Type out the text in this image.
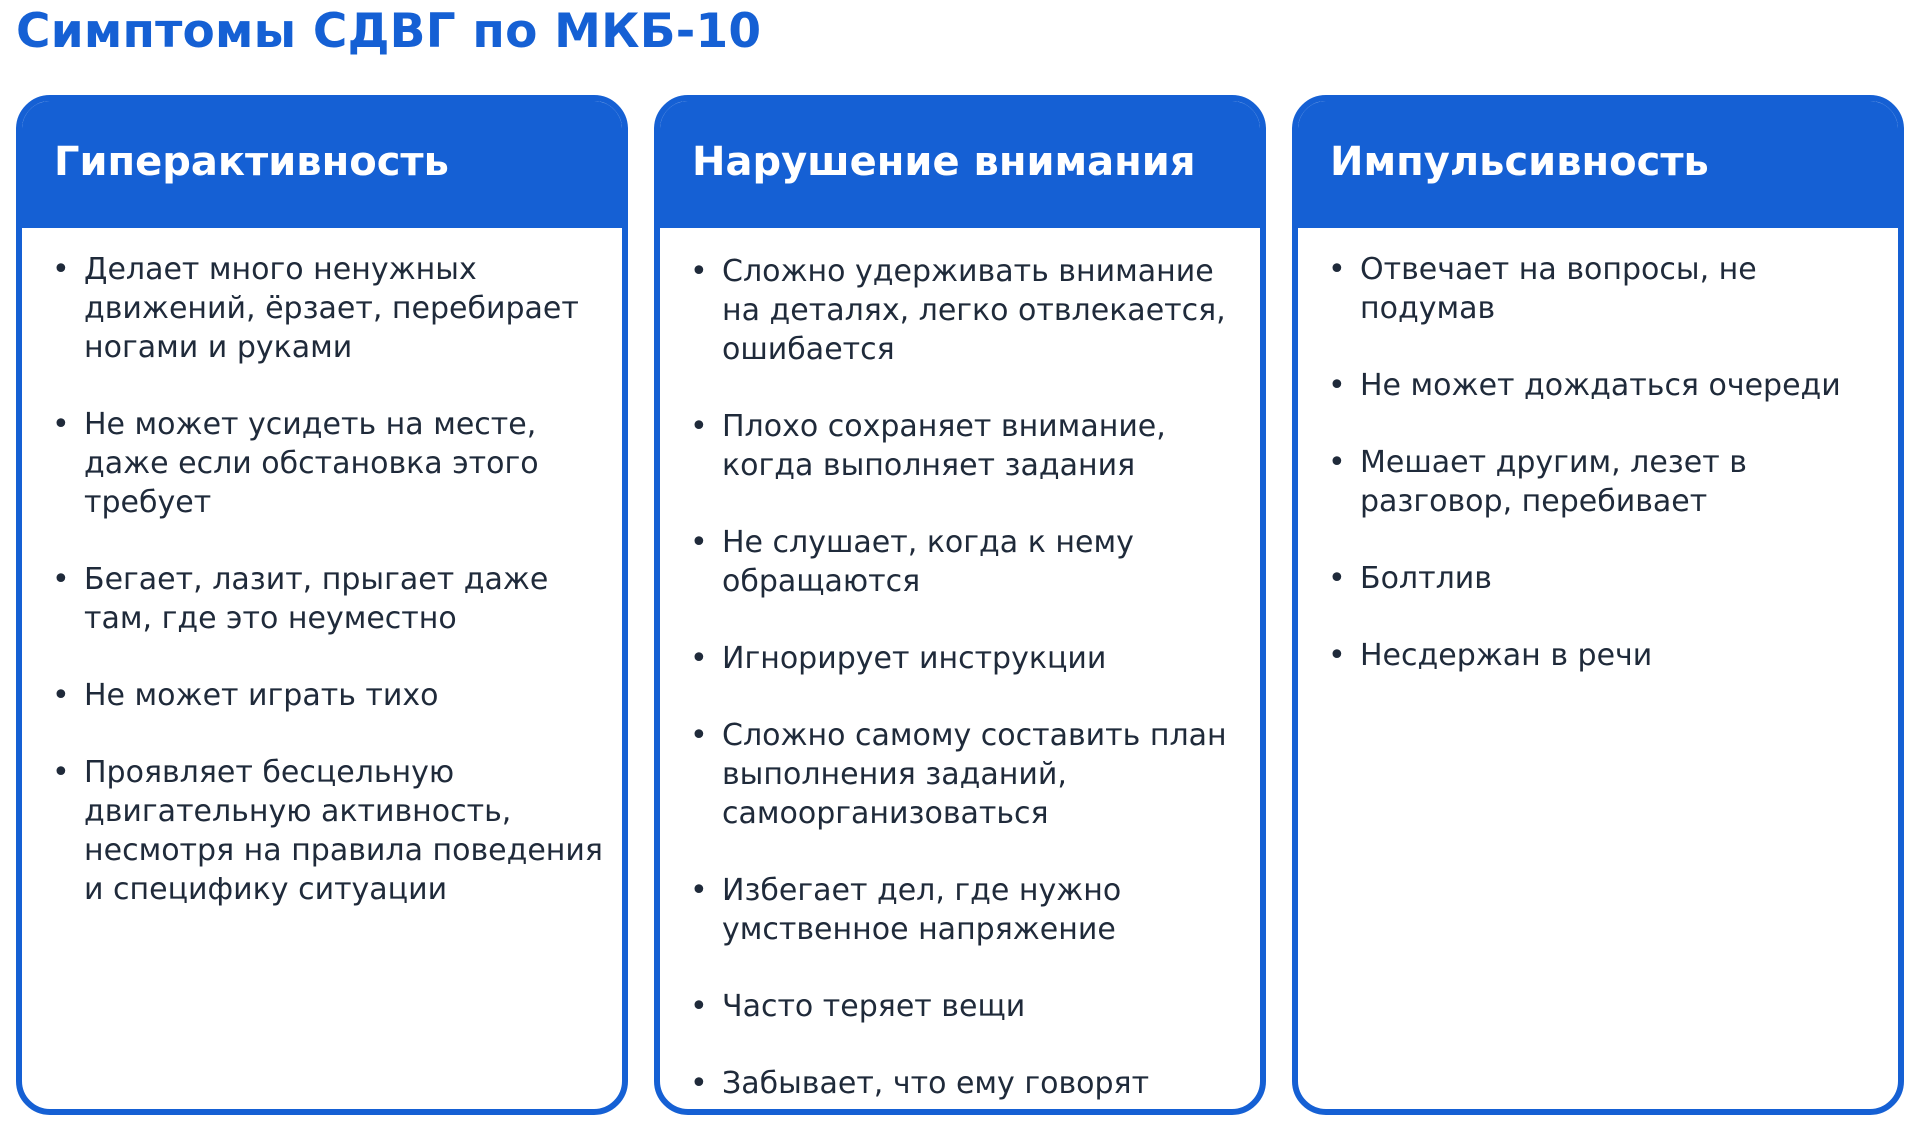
Симптомы СДВГ по МКБ-10
Гиперактивность
• Делает много ненужных движений, ёрзает, перебирает ногами и руками
• Не может усидеть на месте, даже если обстановка этого требует
• Бегает, лазит, прыгает даже там, где это неуместно
• Не может играть тихо
• Проявляет бесцельную двигательную активность, несмотря на правила поведения и специфику ситуации
Нарушение внимания
• Сложно удерживать внимание на деталях, легко отвлекается, ошибается
• Плохо сохраняет внимание, когда выполняет задания
• Не слушает, когда к нему обращаются
• Игнорирует инструкции
• Сложно самому составить план выполнения заданий, самоорганизоваться
• Избегает дел, где нужно умственное напряжение
• Часто теряет вещи
• Забывает, что ему говорят
Импульсивность
• Отвечает на вопросы, не подумав
• Не может дождаться очереди
• Мешает другим, лезет в разговор, перебивает
• Болтлив
• Несдержан в речи
